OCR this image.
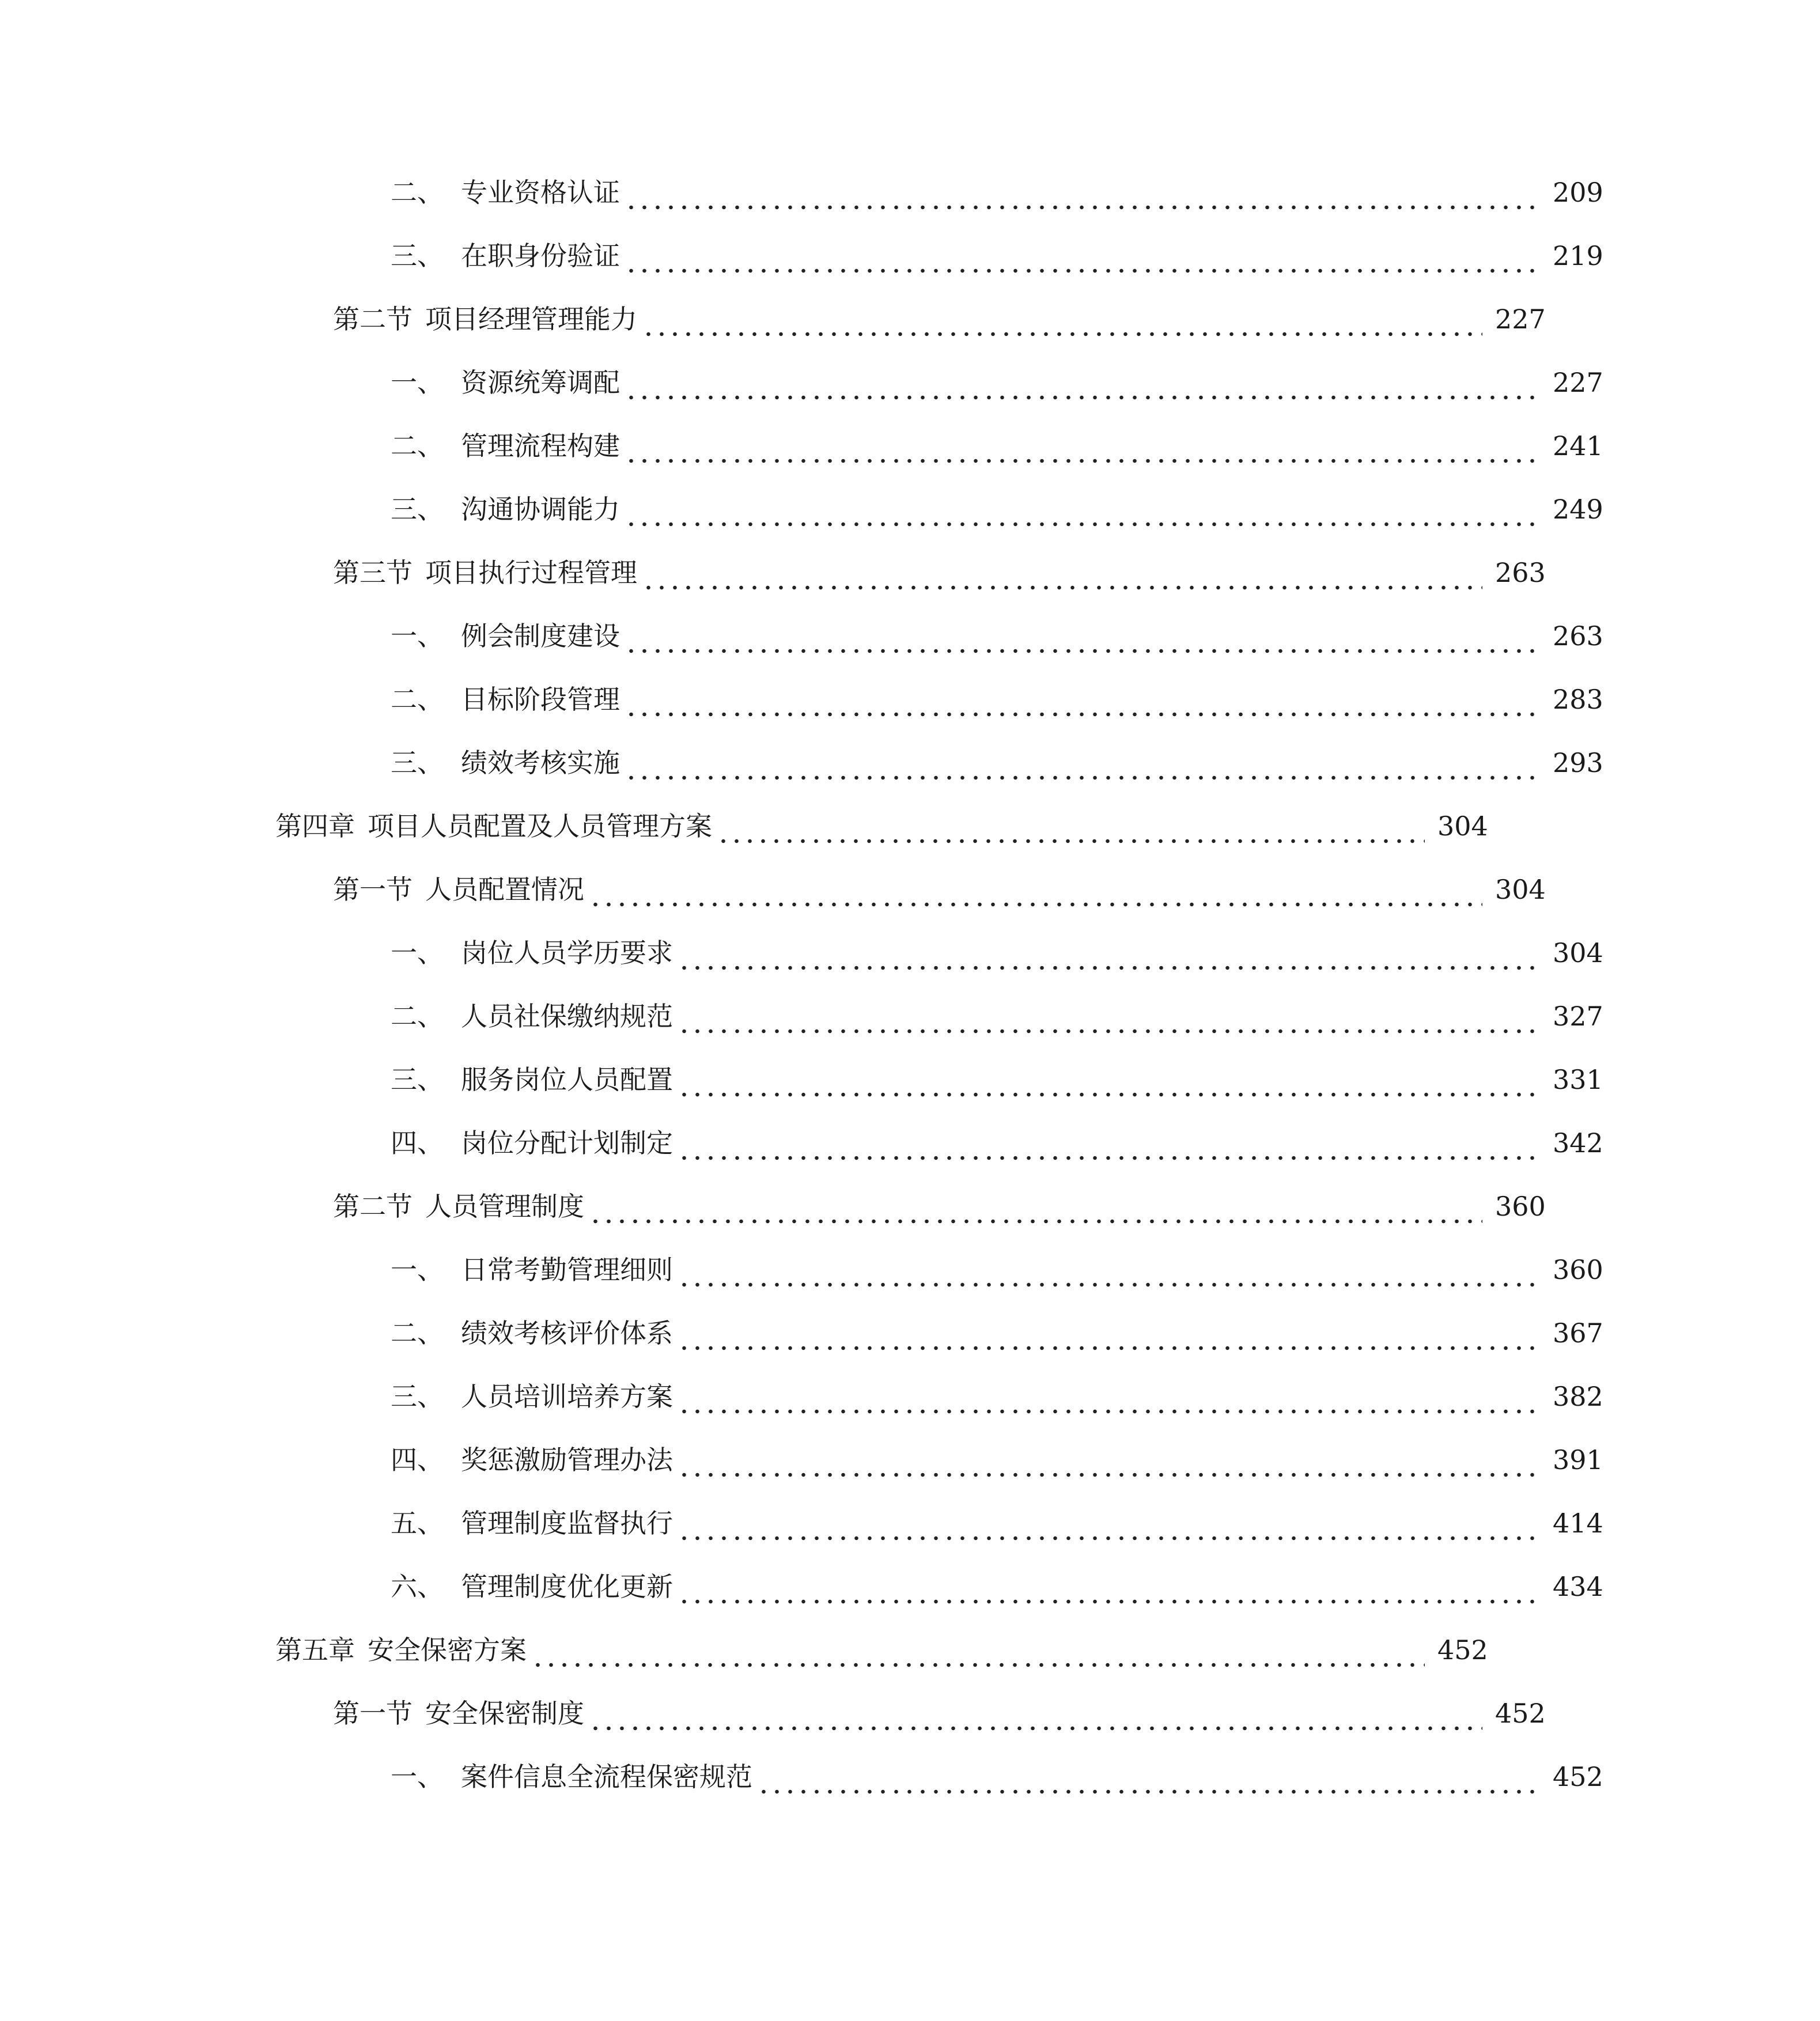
二、 专业资格认证	209
三、 在职身份验证	219
第二节 项目经理管理能力	227
一、 资源统筹调配	227
二、 管理流程构建	241
三、 沟通协调能力	249
第三节 项目执行过程管理	263
一、 例会制度建设	263
二、 目标阶段管理	283
三、 绩效考核实施	293
第四章 项目人员配置及人员管理方案	304
第一节 人员配置情况	304
一、 岗位人员学历要求	304
二、 人员社保缴纳规范	327
三、 服务岗位人员配置	331
四、 岗位分配计划制定	342
第二节 人员管理制度	360
一、 日常考勤管理细则	360
二、 绩效考核评价体系	367
三、 人员培训培养方案	382
四、 奖惩激励管理办法	391
五、 管理制度监督执行	414
六、 管理制度优化更新	434
第五章 安全保密方案	452
第一节 安全保密制度	452
一、 案件信息全流程保密规范	452
